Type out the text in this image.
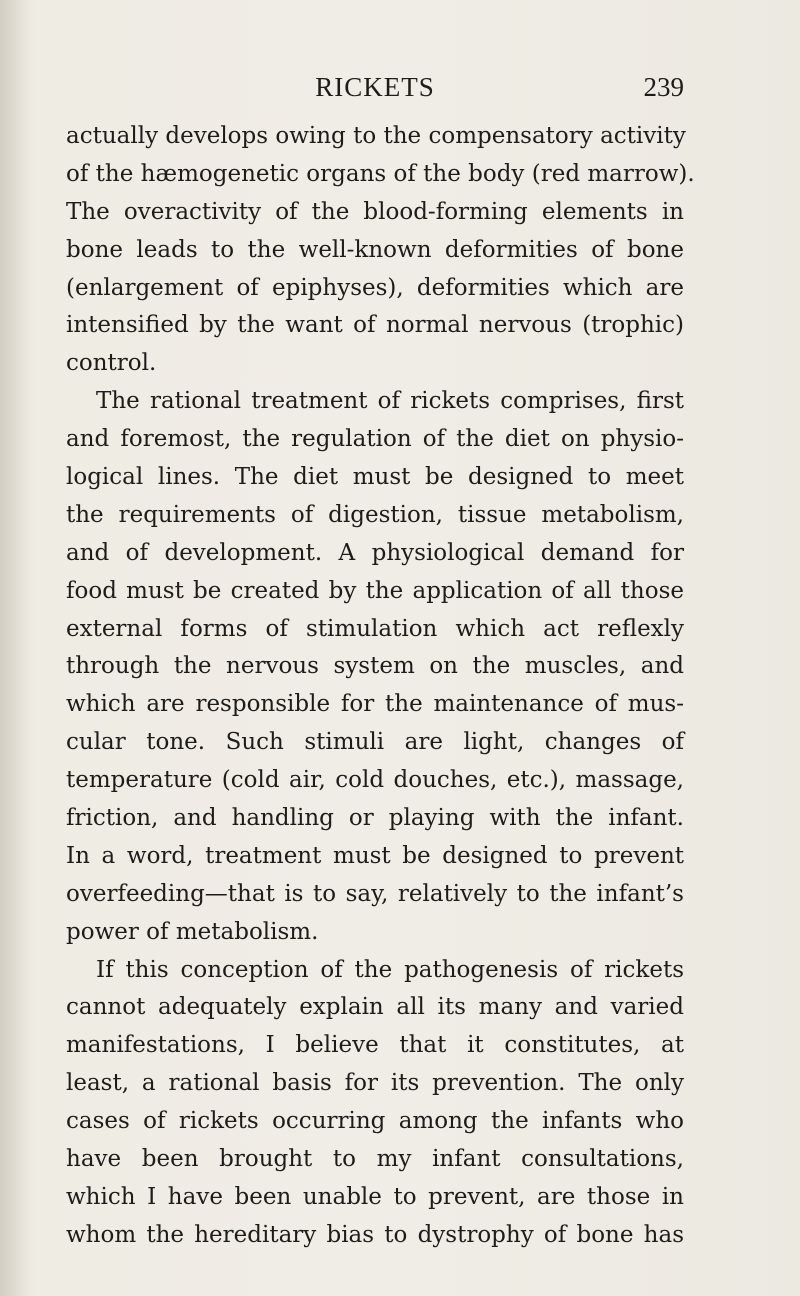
RICKETS	239
actually develops owing to the compensatory activity
of the hæmogenetic organs of the body (red marrow).
The overactivity of the blood-forming elements in
bone leads to the well-known deformities of bone
(enlargement of epiphyses), deformities which are
intensified by the want of normal nervous (trophic)
control.
The rational treatment of rickets comprises, first
and foremost, the regulation of the diet on physio-
logical lines. The diet must be designed to meet
the requirements of digestion, tissue metabolism,
and of development. A physiological demand for
food must be created by the application of all those
external forms of stimulation which act reflexly
through the nervous system on the muscles, and
which are responsible for the maintenance of mus-
cular tone. Such stimuli are light, changes of
temperature (cold air, cold douches, etc.), massage,
friction, and handling or playing with the infant.
In a word, treatment must be designed to prevent
overfeeding—that is to say, relatively to the infant’s
power of metabolism.
If this conception of the pathogenesis of rickets
cannot adequately explain all its many and varied
manifestations, I believe that it constitutes, at
least, a rational basis for its prevention. The only
cases of rickets occurring among the infants who
have been brought to my infant consultations,
which I have been unable to prevent, are those in
whom the hereditary bias to dystrophy of bone has
